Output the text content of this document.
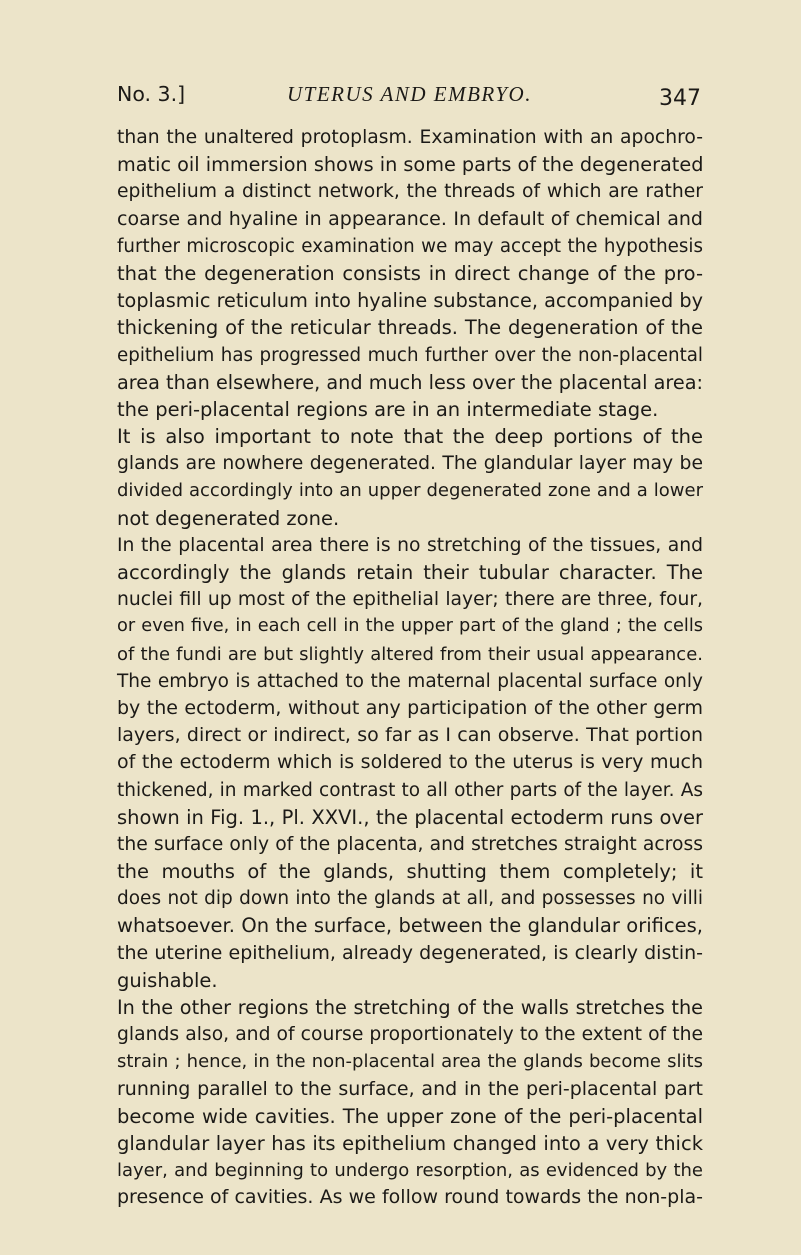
No. 3.]	UTERUS AND EMBRYO.	347
than the unaltered protoplasm. Examination with an apochro-
matic oil immersion shows in some parts of the degenerated
epithelium a distinct network, the threads of which are rather
coarse and hyaline in appearance. In default of chemical and
further microscopic examination we may accept the hypothesis
that the degeneration consists in direct change of the pro-
toplasmic reticulum into hyaline substance, accompanied by
thickening of the reticular threads. The degeneration of the
epithelium has progressed much further over the non-placental
area than elsewhere, and much less over the placental area:
the peri-placental regions are in an intermediate stage.
It is also important to note that the deep portions of the
glands are nowhere degenerated. The glandular layer may be
divided accordingly into an upper degenerated zone and a lower
not degenerated zone.
In the placental area there is no stretching of the tissues, and
accordingly the glands retain their tubular character. The
nuclei fill up most of the epithelial layer; there are three, four,
or even five, in each cell in the upper part of the gland ; the cells
of the fundi are but slightly altered from their usual appearance.
The embryo is attached to the maternal placental surface only
by the ectoderm, without any participation of the other germ
layers, direct or indirect, so far as I can observe. That portion
of the ectoderm which is soldered to the uterus is very much
thickened, in marked contrast to all other parts of the layer. As
shown in Fig. 1., Pl. XXVI., the placental ectoderm runs over
the surface only of the placenta, and stretches straight across
the mouths of the glands, shutting them completely; it
does not dip down into the glands at all, and possesses no villi
whatsoever. On the surface, between the glandular orifices,
the uterine epithelium, already degenerated, is clearly distin-
guishable.
In the other regions the stretching of the walls stretches the
glands also, and of course proportionately to the extent of the
strain ; hence, in the non-placental area the glands become slits
running parallel to the surface, and in the peri-placental part
become wide cavities. The upper zone of the peri-placental
glandular layer has its epithelium changed into a very thick
layer, and beginning to undergo resorption, as evidenced by the
presence of cavities. As we follow round towards the non-pla-
